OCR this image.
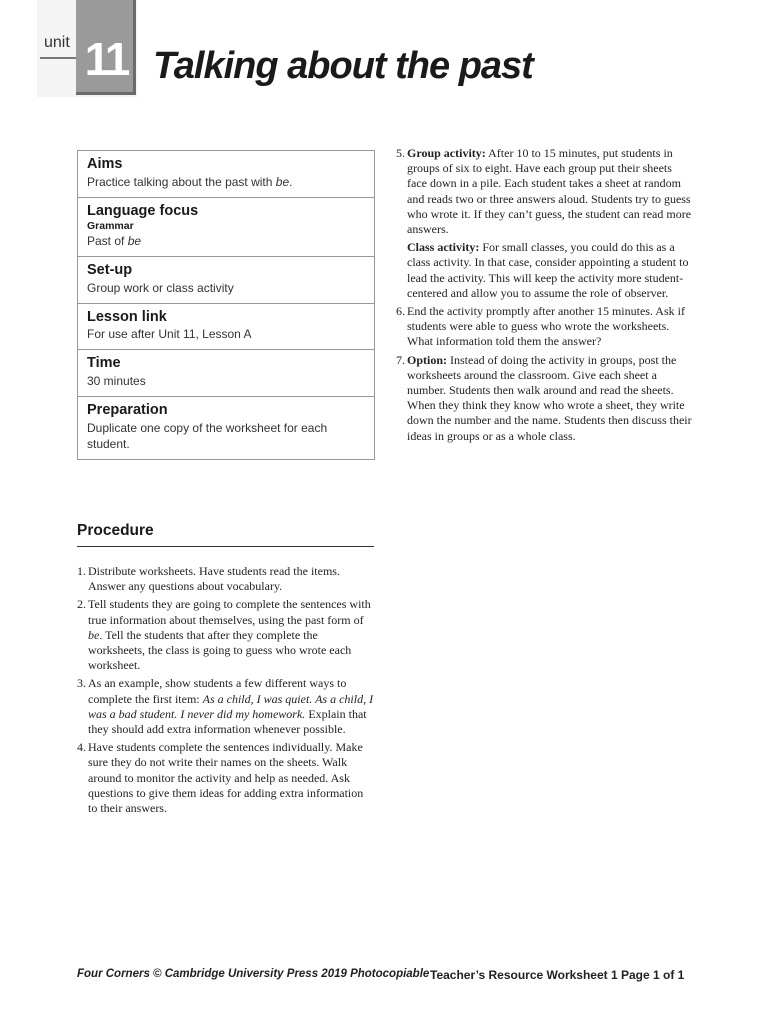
unit 11 Talking about the past
Aims
Practice talking about the past with be.
Language focus
Grammar
Past of be
Set-up
Group work or class activity
Lesson link
For use after Unit 11, Lesson A
Time
30 minutes
Preparation
Duplicate one copy of the worksheet for each student.
Procedure
1. Distribute worksheets. Have students read the items. Answer any questions about vocabulary.
2. Tell students they are going to complete the sentences with true information about themselves, using the past form of be. Tell the students that after they complete the worksheets, the class is going to guess who wrote each worksheet.
3. As an example, show students a few different ways to complete the first item: As a child, I was quiet. As a child, I was a bad student. I never did my homework. Explain that they should add extra information whenever possible.
4. Have students complete the sentences individually. Make sure they do not write their names on the sheets. Walk around to monitor the activity and help as needed. Ask questions to give them ideas for adding extra information to their answers.
5. Group activity: After 10 to 15 minutes, put students in groups of six to eight. Have each group put their sheets face down in a pile. Each student takes a sheet at random and reads two or three answers aloud. Students try to guess who wrote it. If they can’t guess, the student can read more answers.
Class activity: For small classes, you could do this as a class activity. In that case, consider appointing a student to lead the activity. This will keep the activity more student-centered and allow you to assume the role of observer.
6. End the activity promptly after another 15 minutes. Ask if students were able to guess who wrote the worksheets. What information told them the answer?
7. Option: Instead of doing the activity in groups, post the worksheets around the classroom. Give each sheet a number. Students then walk around and read the sheets. When they think they know who wrote a sheet, they write down the number and the name. Students then discuss their ideas in groups or as a whole class.
Four Corners © Cambridge University Press 2019 Photocopiable Teacher’s Resource Worksheet 1 Page 1 of 1
